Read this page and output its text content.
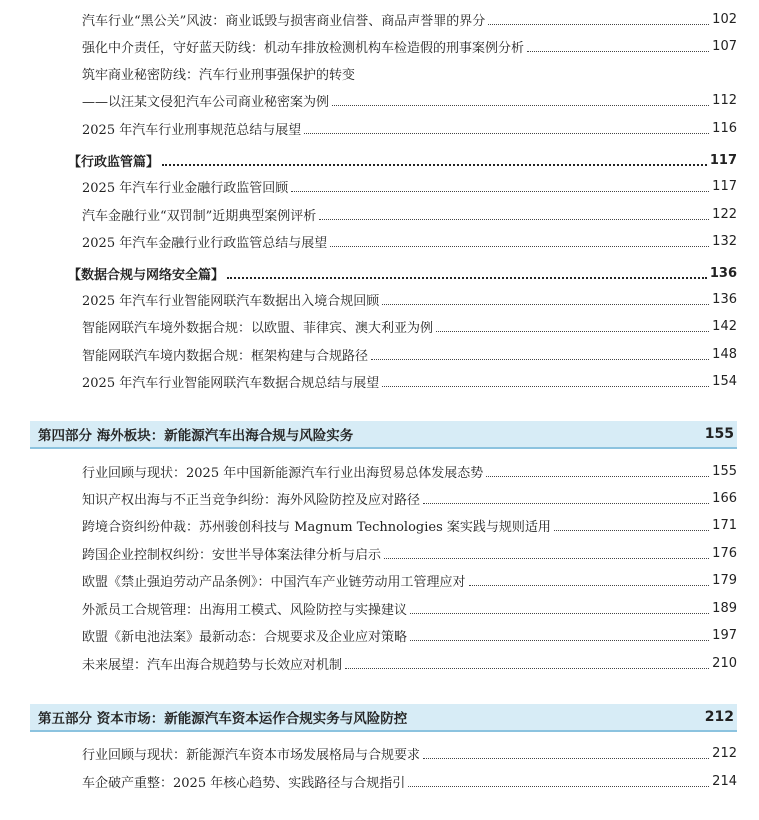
汽车行业“黑公关”风波：商业诋毁与损害商业信誉、商品声誉罪的界分	102
强化中介责任，守好蓝天防线：机动车排放检测机构车检造假的刑事案例分析	107
筑牢商业秘密防线：汽车行业刑事强保护的转变
——以汪某文侵犯汽车公司商业秘密案为例	112
2025 年汽车行业刑事规范总结与展望	116
【行政监管篇】	117
2025 年汽车行业金融行政监管回顾	117
汽车金融行业“双罚制”近期典型案例评析	122
2025 年汽车金融行业行政监管总结与展望	132
【数据合规与网络安全篇】	136
2025 年汽车行业智能网联汽车数据出入境合规回顾	136
智能网联汽车境外数据合规：以欧盟、菲律宾、澳大利亚为例	142
智能网联汽车境内数据合规：框架构建与合规路径	148
2025 年汽车行业智能网联汽车数据合规总结与展望	154
第四部分 海外板块：新能源汽车出海合规与风险实务	155
行业回顾与现状：2025 年中国新能源汽车行业出海贸易总体发展态势	155
知识产权出海与不正当竞争纠纷：海外风险防控及应对路径	166
跨境合资纠纷仲裁：苏州骏创科技与 Magnum Technologies 案实践与规则适用	171
跨国企业控制权纠纷：安世半导体案法律分析与启示	176
欧盟《禁止强迫劳动产品条例》：中国汽车产业链劳动用工管理应对	179
外派员工合规管理：出海用工模式、风险防控与实操建议	189
欧盟《新电池法案》最新动态：合规要求及企业应对策略	197
未来展望：汽车出海合规趋势与长效应对机制	210
第五部分 资本市场：新能源汽车资本运作合规实务与风险防控	212
行业回顾与现状：新能源汽车资本市场发展格局与合规要求	212
车企破产重整：2025 年核心趋势、实践路径与合规指引	214
